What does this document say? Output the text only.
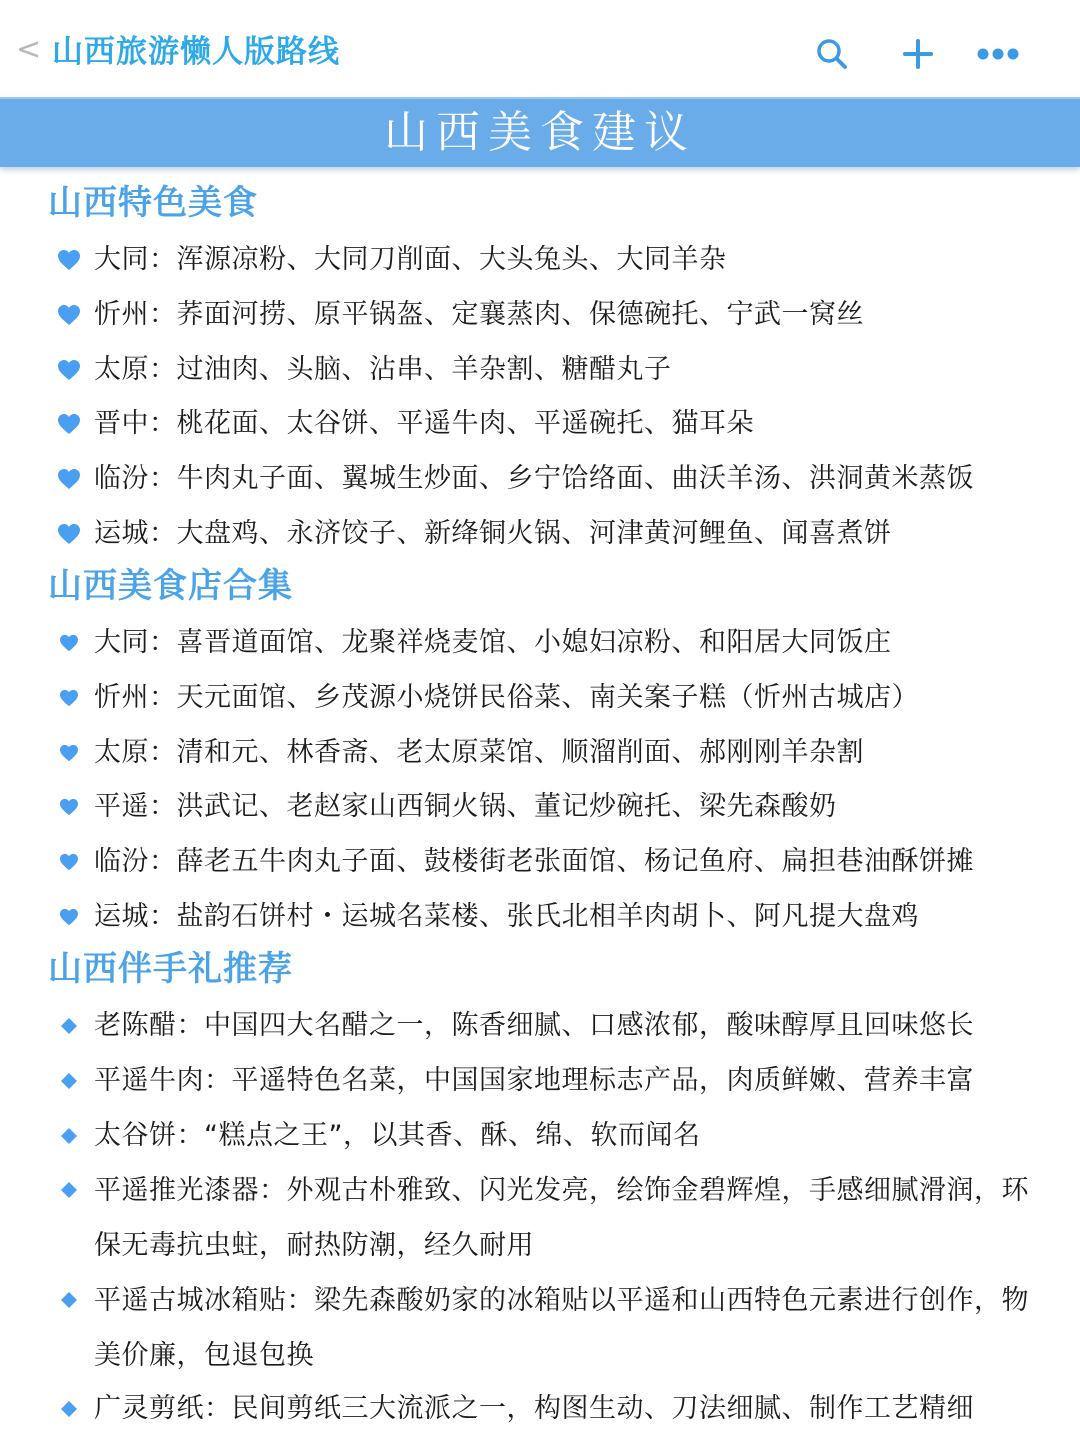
< 山西旅游懒人版路线
山西美食建议
山西特色美食
大同：浑源凉粉、大同刀削面、大头兔头、大同羊杂
忻州：荞面河捞、原平锅盔、定襄蒸肉、保德碗托、宁武一窝丝
太原：过油肉、头脑、沾串、羊杂割、糖醋丸子
晋中：桃花面、太谷饼、平遥牛肉、平遥碗托、猫耳朵
临汾：牛肉丸子面、翼城生炒面、乡宁饸络面、曲沃羊汤、洪洞黄米蒸饭
运城：大盘鸡、永济饺子、新绛铜火锅、河津黄河鲤鱼、闻喜煮饼
山西美食店合集
大同：喜晋道面馆、龙聚祥烧麦馆、小媳妇凉粉、和阳居大同饭庄
忻州：天元面馆、乡茂源小烧饼民俗菜、南关案子糕（忻州古城店）
太原：清和元、林香斋、老太原菜馆、顺溜削面、郝刚刚羊杂割
平遥：洪武记、老赵家山西铜火锅、董记炒碗托、梁先森酸奶
临汾：薛老五牛肉丸子面、鼓楼街老张面馆、杨记鱼府、扁担巷油酥饼摊
运城：盐韵石饼村・运城名菜楼、张氏北相羊肉胡卜、阿凡提大盘鸡
山西伴手礼推荐
老陈醋：中国四大名醋之一，陈香细腻、口感浓郁，酸味醇厚且回味悠长
平遥牛肉：平遥特色名菜，中国国家地理标志产品，肉质鲜嫩、营养丰富
太谷饼：“糕点之王”，以其香、酥、绵、软而闻名
平遥推光漆器：外观古朴雅致、闪光发亮，绘饰金碧辉煌，手感细腻滑润，环保无毒抗虫蛀，耐热防潮，经久耐用
平遥古城冰箱贴：梁先森酸奶家的冰箱贴以平遥和山西特色元素进行创作，物美价廉，包退包换
广灵剪纸：民间剪纸三大流派之一，构图生动、刀法细腻、制作工艺精细
